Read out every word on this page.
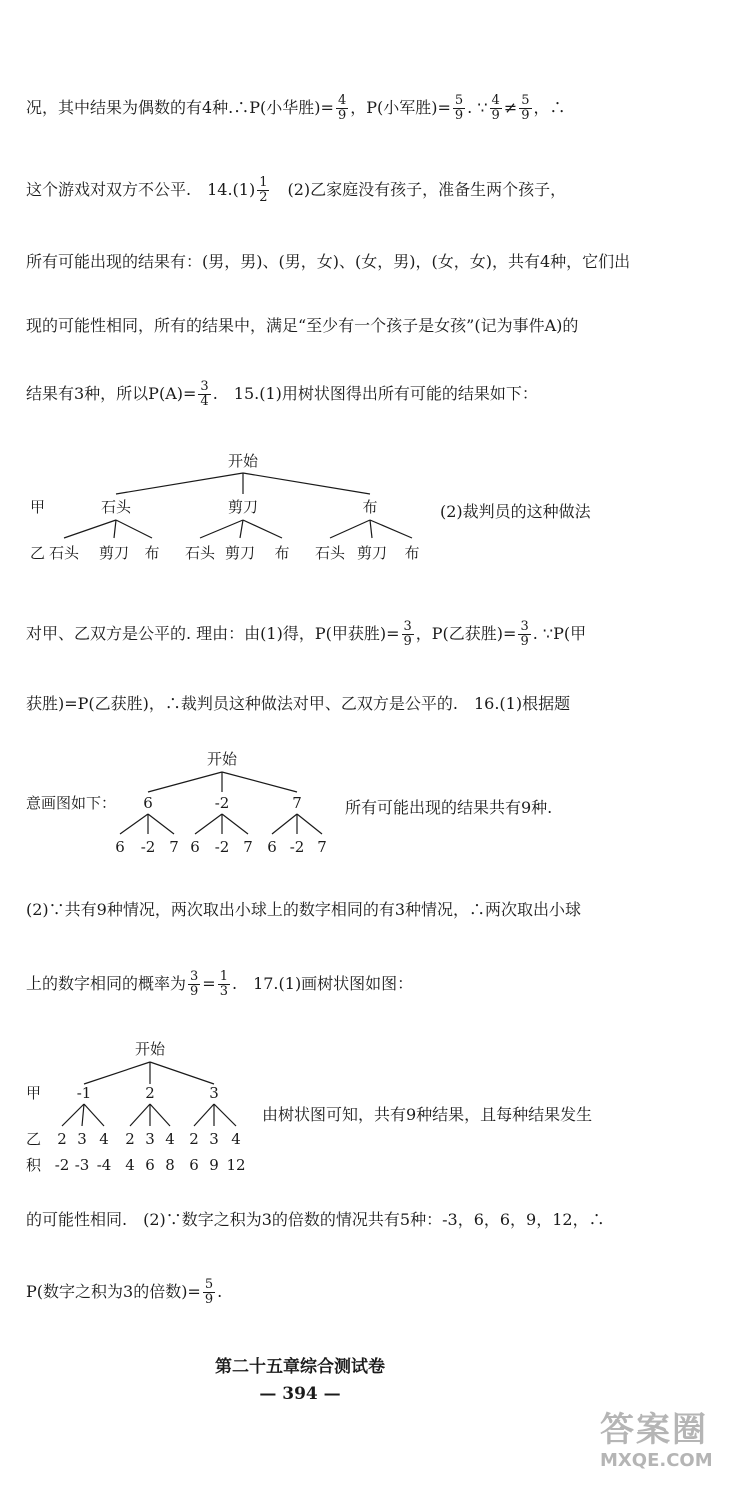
况，其中结果为偶数的有4种.∴P(小华胜)= $\frac{4}{9}$ ，P(小军胜)= $\frac{5}{9}$ . ∵ $\frac{4}{9} \ne \frac{5}{9}$ ，∴
这个游戏对双方不公平.　$14.(1) \frac{1}{2}$ 　(2)乙家庭没有孩子，准备生两个孩子，
所有可能出现的结果有：(男，男)、(男，女)、(女，男)，(女，女)，共有4种，它们出
现的可能性相同，所有的结果中，满足“至少有一个孩子是女孩”(记为事件A)的
结果有3种，所以$P(A)= \frac{3}{4}$ .　15.(1)用树状图得出所有可能的结果如下：
开始
甲	石头	剪刀	布
乙 石头 剪刀 布 石头 剪刀 布 石头 剪刀 布
(2)裁判员的这种做法
对甲、乙双方是公平的. 理由：由(1)得，P(甲获胜)= $\frac{3}{9}$ ，P(乙获胜)= $\frac{3}{9}$ . ∵P(甲
获胜)=P(乙获胜)，∴裁判员这种做法对甲、乙双方是公平的.　16.(1)根据题
意画图如下：
开始
6	-2	7
6 -2 7 6 -2 7 6 -2 7
所有可能出现的结果共有9种.
(2)∵共有9种情况，两次取出小球上的数字相同的有3种情况，∴两次取出小球
上的数字相同的概率为 $\frac{3}{9} = \frac{1}{3}$ .　17.(1)画树状图如图：
开始
甲 -1	2	3
乙 2 3 4 2 3 4 2 3 4
积 -2 -3 -4 4 6 8 6 9 12
由树状图可知，共有9种结果，且每种结果发生
的可能性相同.　(2)∵数字之积为3的倍数的情况共有5种：-3，6，6，9，12，∴
P(数字之积为3的倍数)= $\frac{5}{9}$ .
第二十五章综合测试卷
— 394 —
答案圈
MXQE.COM
